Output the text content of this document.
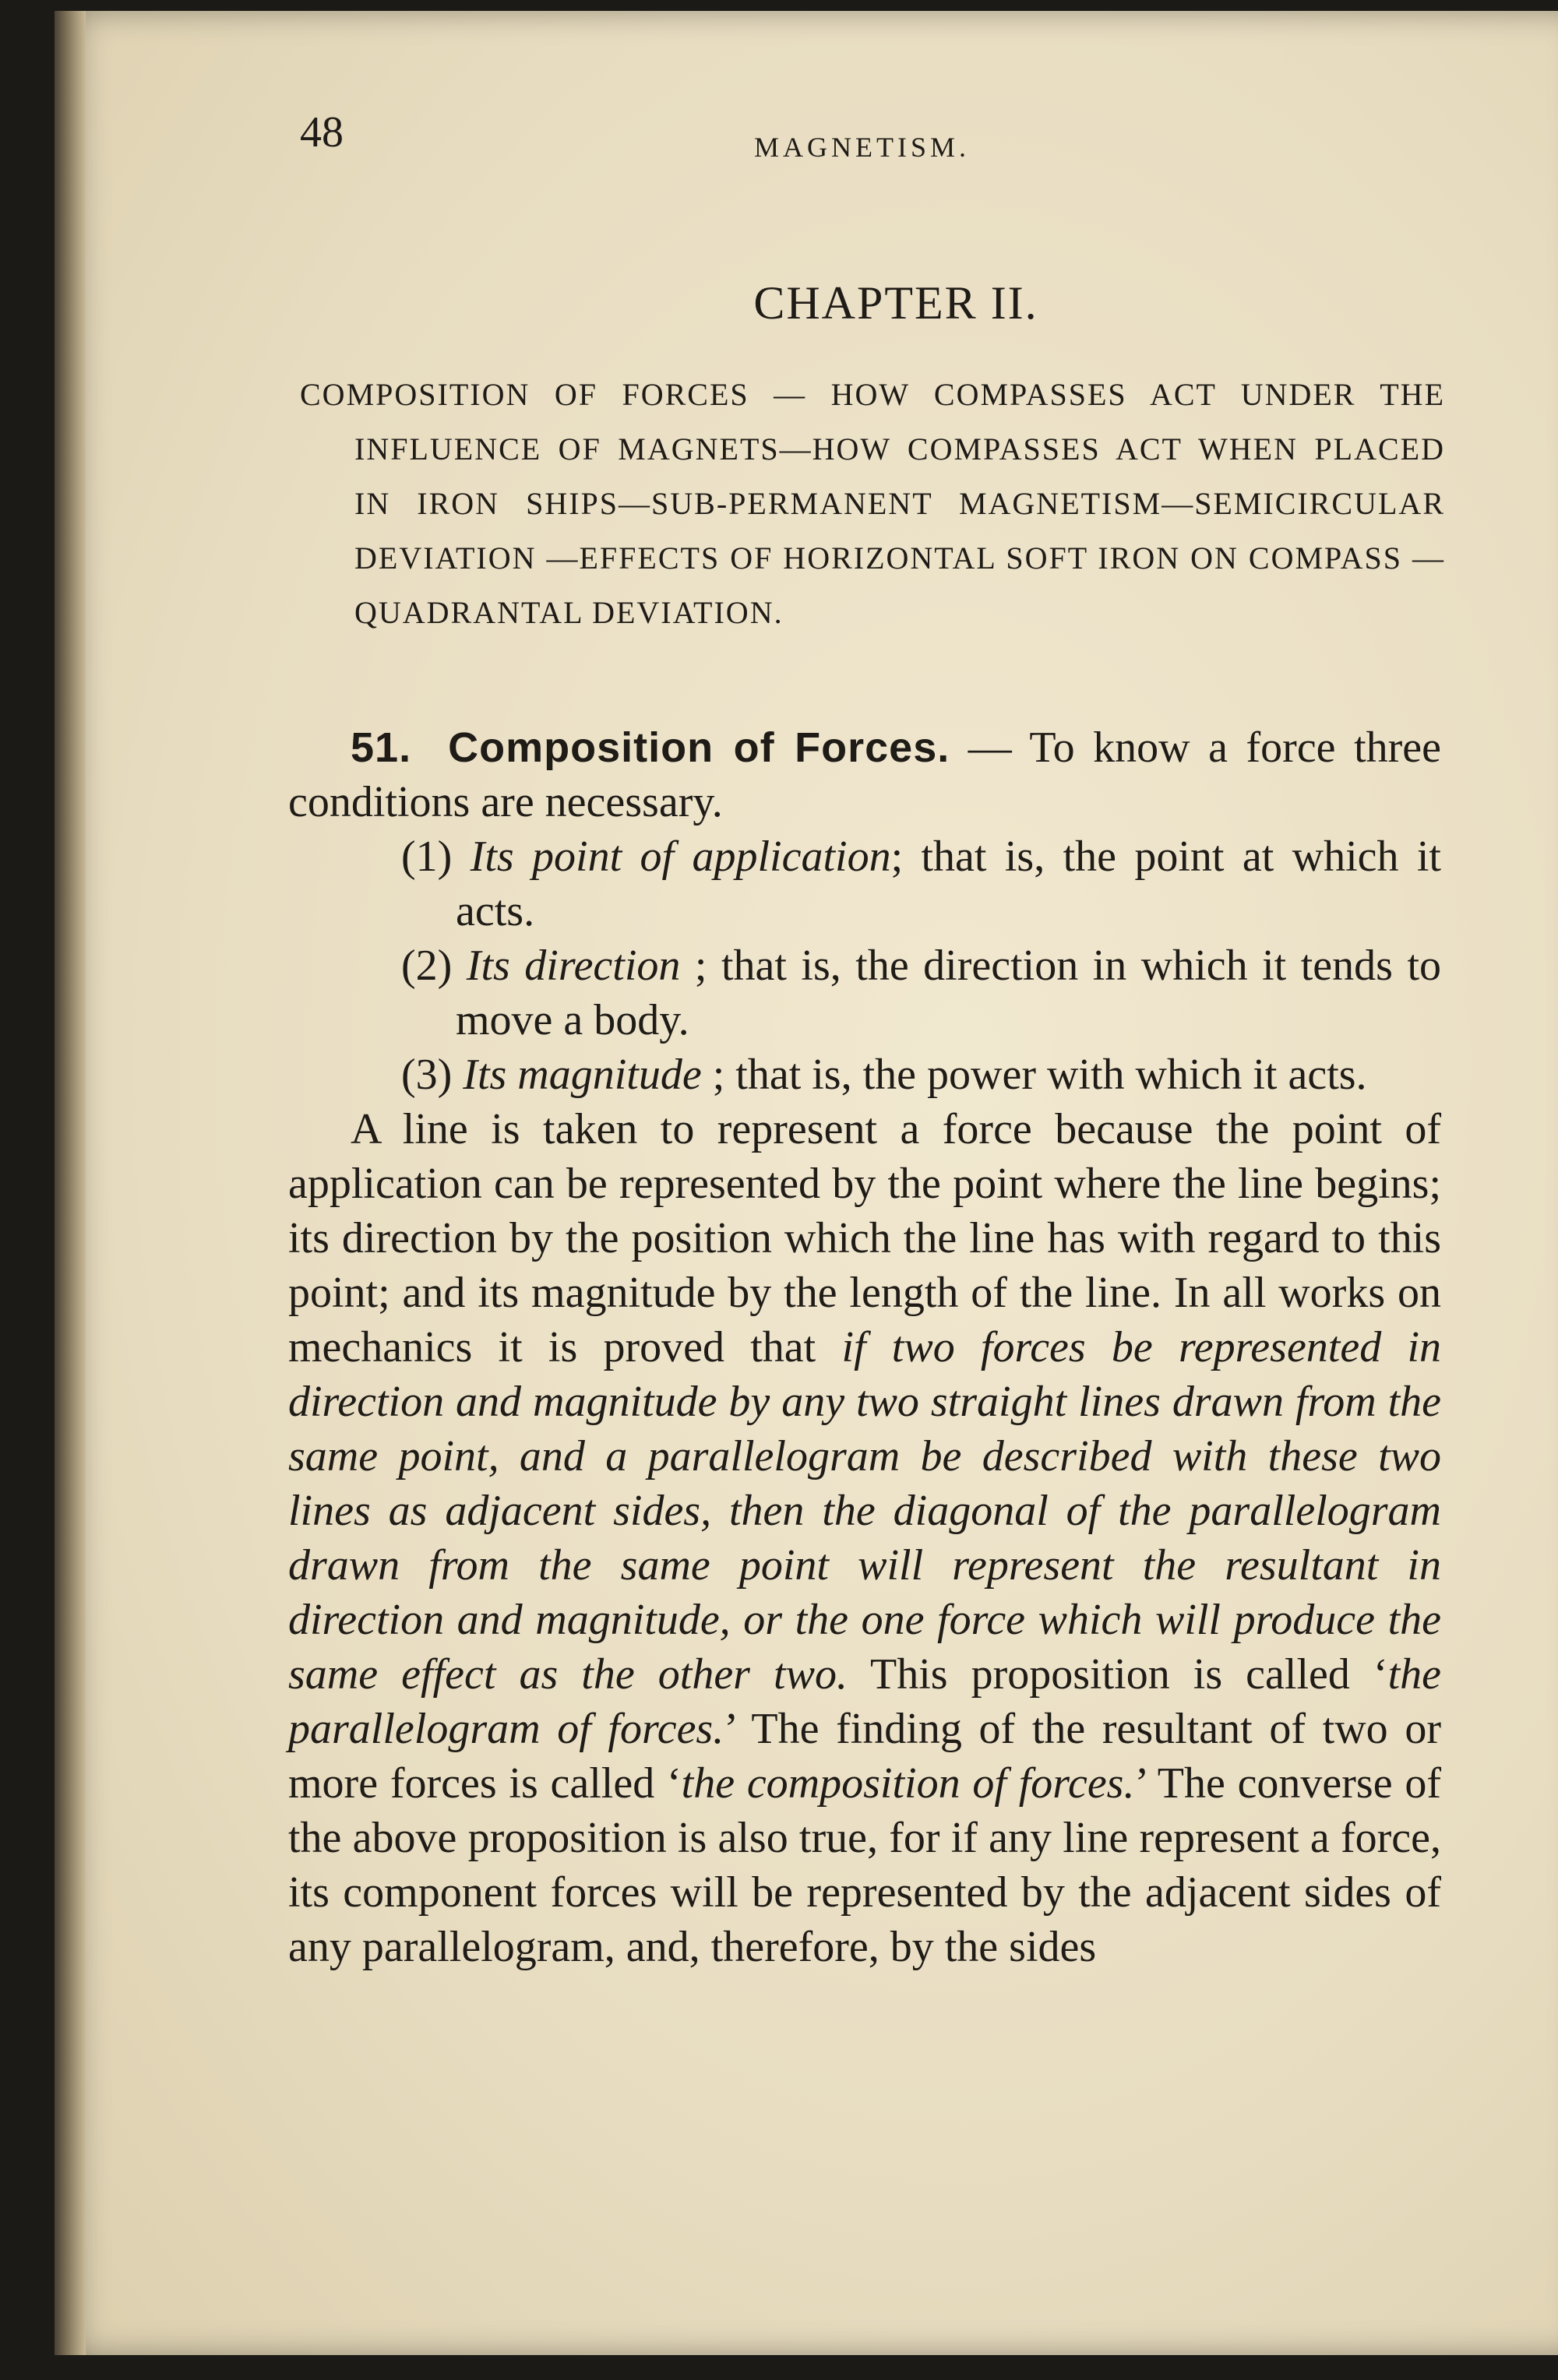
48	MAGNETISM.
CHAPTER II.

COMPOSITION OF FORCES — HOW COMPASSES ACT UNDER THE INFLUENCE OF MAGNETS—HOW COMPASSES ACT WHEN PLACED IN IRON SHIPS—SUB-PERMANENT MAGNETISM—SEMICIRCULAR DEVIATION —EFFECTS OF HORIZONTAL SOFT IRON ON COMPASS —QUADRANTAL DEVIATION.

51. Composition of Forces. — To know a force three conditions are necessary.

(1) Its point of application; that is, the point at which it acts.

(2) Its direction ; that is, the direction in which it tends to move a body.

(3) Its magnitude ; that is, the power with which it acts.

A line is taken to represent a force because the point of application can be represented by the point where the line begins; its direction by the position which the line has with regard to this point; and its magnitude by the length of the line. In all works on mechanics it is proved that if two forces be represented in direction and magnitude by any two straight lines drawn from the same point, and a parallelogram be described with these two lines as adjacent sides, then the diagonal of the parallelogram drawn from the same point will represent the resultant in direction and magnitude, or the one force which will produce the same effect as the other two. This proposition is called ‘the parallelogram of forces.’ The finding of the resultant of two or more forces is called ‘the composition of forces.’ The converse of the above proposition is also true, for if any line represent a force, its component forces will be represented by the adjacent sides of any parallelogram, and, therefore, by the sides
